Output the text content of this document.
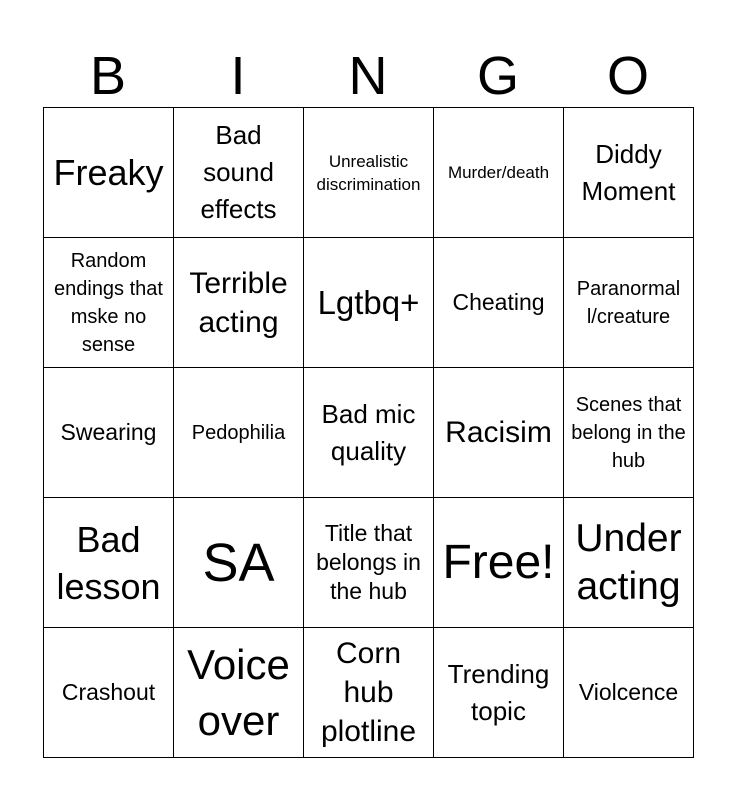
B	I	N	G	O
Freaky	Bad sound effects	Unrealistic discrimination	Murder/death	Diddy Moment

Random endings that mske no sense	Terrible acting	Lgtbq+	Cheating	Paranormal l/creature

Swearing	Pedophilia	Bad mic quality	Racisim	Scenes that belong in the hub

Bad lesson	SA	Title that belongs in the hub	Free!	Under acting

Crashout	Voice over	Corn hub plotline	Trending topic	Violcence
